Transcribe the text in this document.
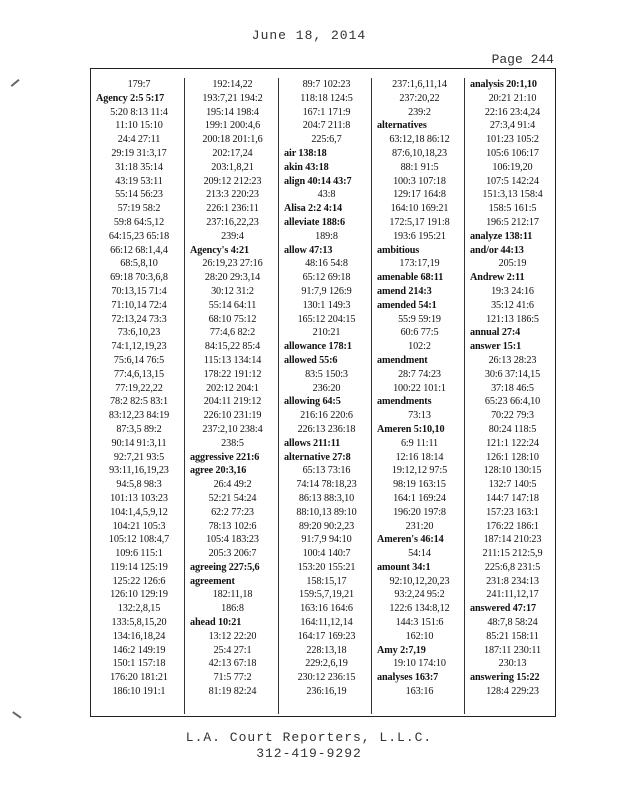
June 18, 2014
Page 244
179:7
Agency 2:5 5:17
5:20 8:13 11:4
11:10 15:10
24:4 27:11
29:19 31:3,17
31:18 35:14
43:19 53:11
55:14 56:23
57:19 58:2
59:8 64:5,12
64:15,23 65:18
66:12 68:1,4,4
68:5,8,10
69:18 70:3,6,8
70:13,15 71:4
71:10,14 72:4
72:13,24 73:3
73:6,10,23
74:1,12,19,23
75:6,14 76:5
77:4,6,13,15
77:19,22,22
78:2 82:5 83:1
83:12,23 84:19
87:3,5 89:2
90:14 91:3,11
92:7,21 93:5
93:11,16,19,23
94:5,8 98:3
101:13 103:23
104:1,4,5,9,12
104:21 105:3
105:12 108:4,7
109:6 115:1
119:14 125:19
125:22 126:6
126:10 129:19
132:2,8,15
133:5,8,15,20
134:16,18,24
146:2 149:19
150:1 157:18
176:20 181:21
186:10 191:1
192:14,22
193:7,21 194:2
195:14 198:4
199:1 200:4,6
200:18 201:1,6
202:17,24
203:1,8,21
209:12 212:23
213:3 220:23
226:1 236:11
237:16,22,23
239:4
Agency's 4:21
26:19,23 27:16
28:20 29:3,14
30:12 31:2
55:14 64:11
68:10 75:12
77:4,6 82:2
84:15,22 85:4
115:13 134:14
178:22 191:12
202:12 204:1
204:11 219:12
226:10 231:19
237:2,10 238:4
238:5
aggressive 221:6
agree 20:3,16
26:4 49:2
52:21 54:24
62:2 77:23
78:13 102:6
105:4 183:23
205:3 206:7
agreeing 227:5,6
agreement
182:11,18
186:8
ahead 10:21
13:12 22:20
25:4 27:1
42:13 67:18
71:5 77:2
81:19 82:24
89:7 102:23
118:18 124:5
167:1 171:9
204:7 211:8
225:6,7
air 138:18
akin 43:18
align 40:14 43:7
43:8
Alisa 2:2 4:14
alleviate 188:6
189:8
allow 47:13
48:16 54:8
65:12 69:18
91:7,9 126:9
130:1 149:3
165:12 204:15
210:21
allowance 178:1
allowed 55:6
83:5 150:3
236:20
allowing 64:5
216:16 220:6
226:13 236:18
allows 211:11
alternative 27:8
65:13 73:16
74:14 78:18,23
86:13 88:3,10
88:10,13 89:10
89:20 90:2,23
91:7,9 94:10
100:4 140:7
153:20 155:21
158:15,17
159:5,7,19,21
163:16 164:6
164:11,12,14
164:17 169:23
228:13,18
229:2,6,19
230:12 236:15
236:16,19
237:1,6,11,14
237:20,22
239:2
alternatives
63:12,18 86:12
87:6,10,18,23
88:1 91:5
100:3 107:18
129:17 164:8
164:10 169:21
172:5,17 191:8
193:6 195:21
ambitious
173:17,19
amenable 68:11
amend 214:3
amended 54:1
55:9 59:19
60:6 77:5
102:2
amendment
28:7 74:23
100:22 101:1
amendments
73:13
Ameren 5:10,10
6:9 11:11
12:16 18:14
19:12,12 97:5
98:19 163:15
164:1 169:24
196:20 197:8
231:20
Ameren's 46:14
54:14
amount 34:1
92:10,12,20,23
93:2,24 95:2
122:6 134:8,12
144:3 151:6
162:10
Amy 2:7,19
19:10 174:10
analyses 163:7
163:16
analysis 20:1,10
20:21 21:10
22:16 23:4,24
27:3,4 91:4
101:23 105:2
105:6 106:17
106:19,20
107:5 142:24
151:3,13 158:4
158:5 161:5
196:5 212:17
analyze 138:11
and/or 44:13
205:19
Andrew 2:11
19:3 24:16
35:12 41:6
121:13 186:5
annual 27:4
answer 15:1
26:13 28:23
30:6 37:14,15
37:18 46:5
65:23 66:4,10
70:22 79:3
80:24 118:5
121:1 122:24
126:1 128:10
128:10 130:15
132:7 140:5
144:7 147:18
157:23 163:1
176:22 186:1
187:14 210:23
211:15 212:5,9
225:6,8 231:5
231:8 234:13
241:11,12,17
answered 47:17
48:7,8 58:24
85:21 158:11
187:11 230:11
230:13
answering 15:22
128:4 229:23
L.A. Court Reporters, L.L.C.
312-419-9292
